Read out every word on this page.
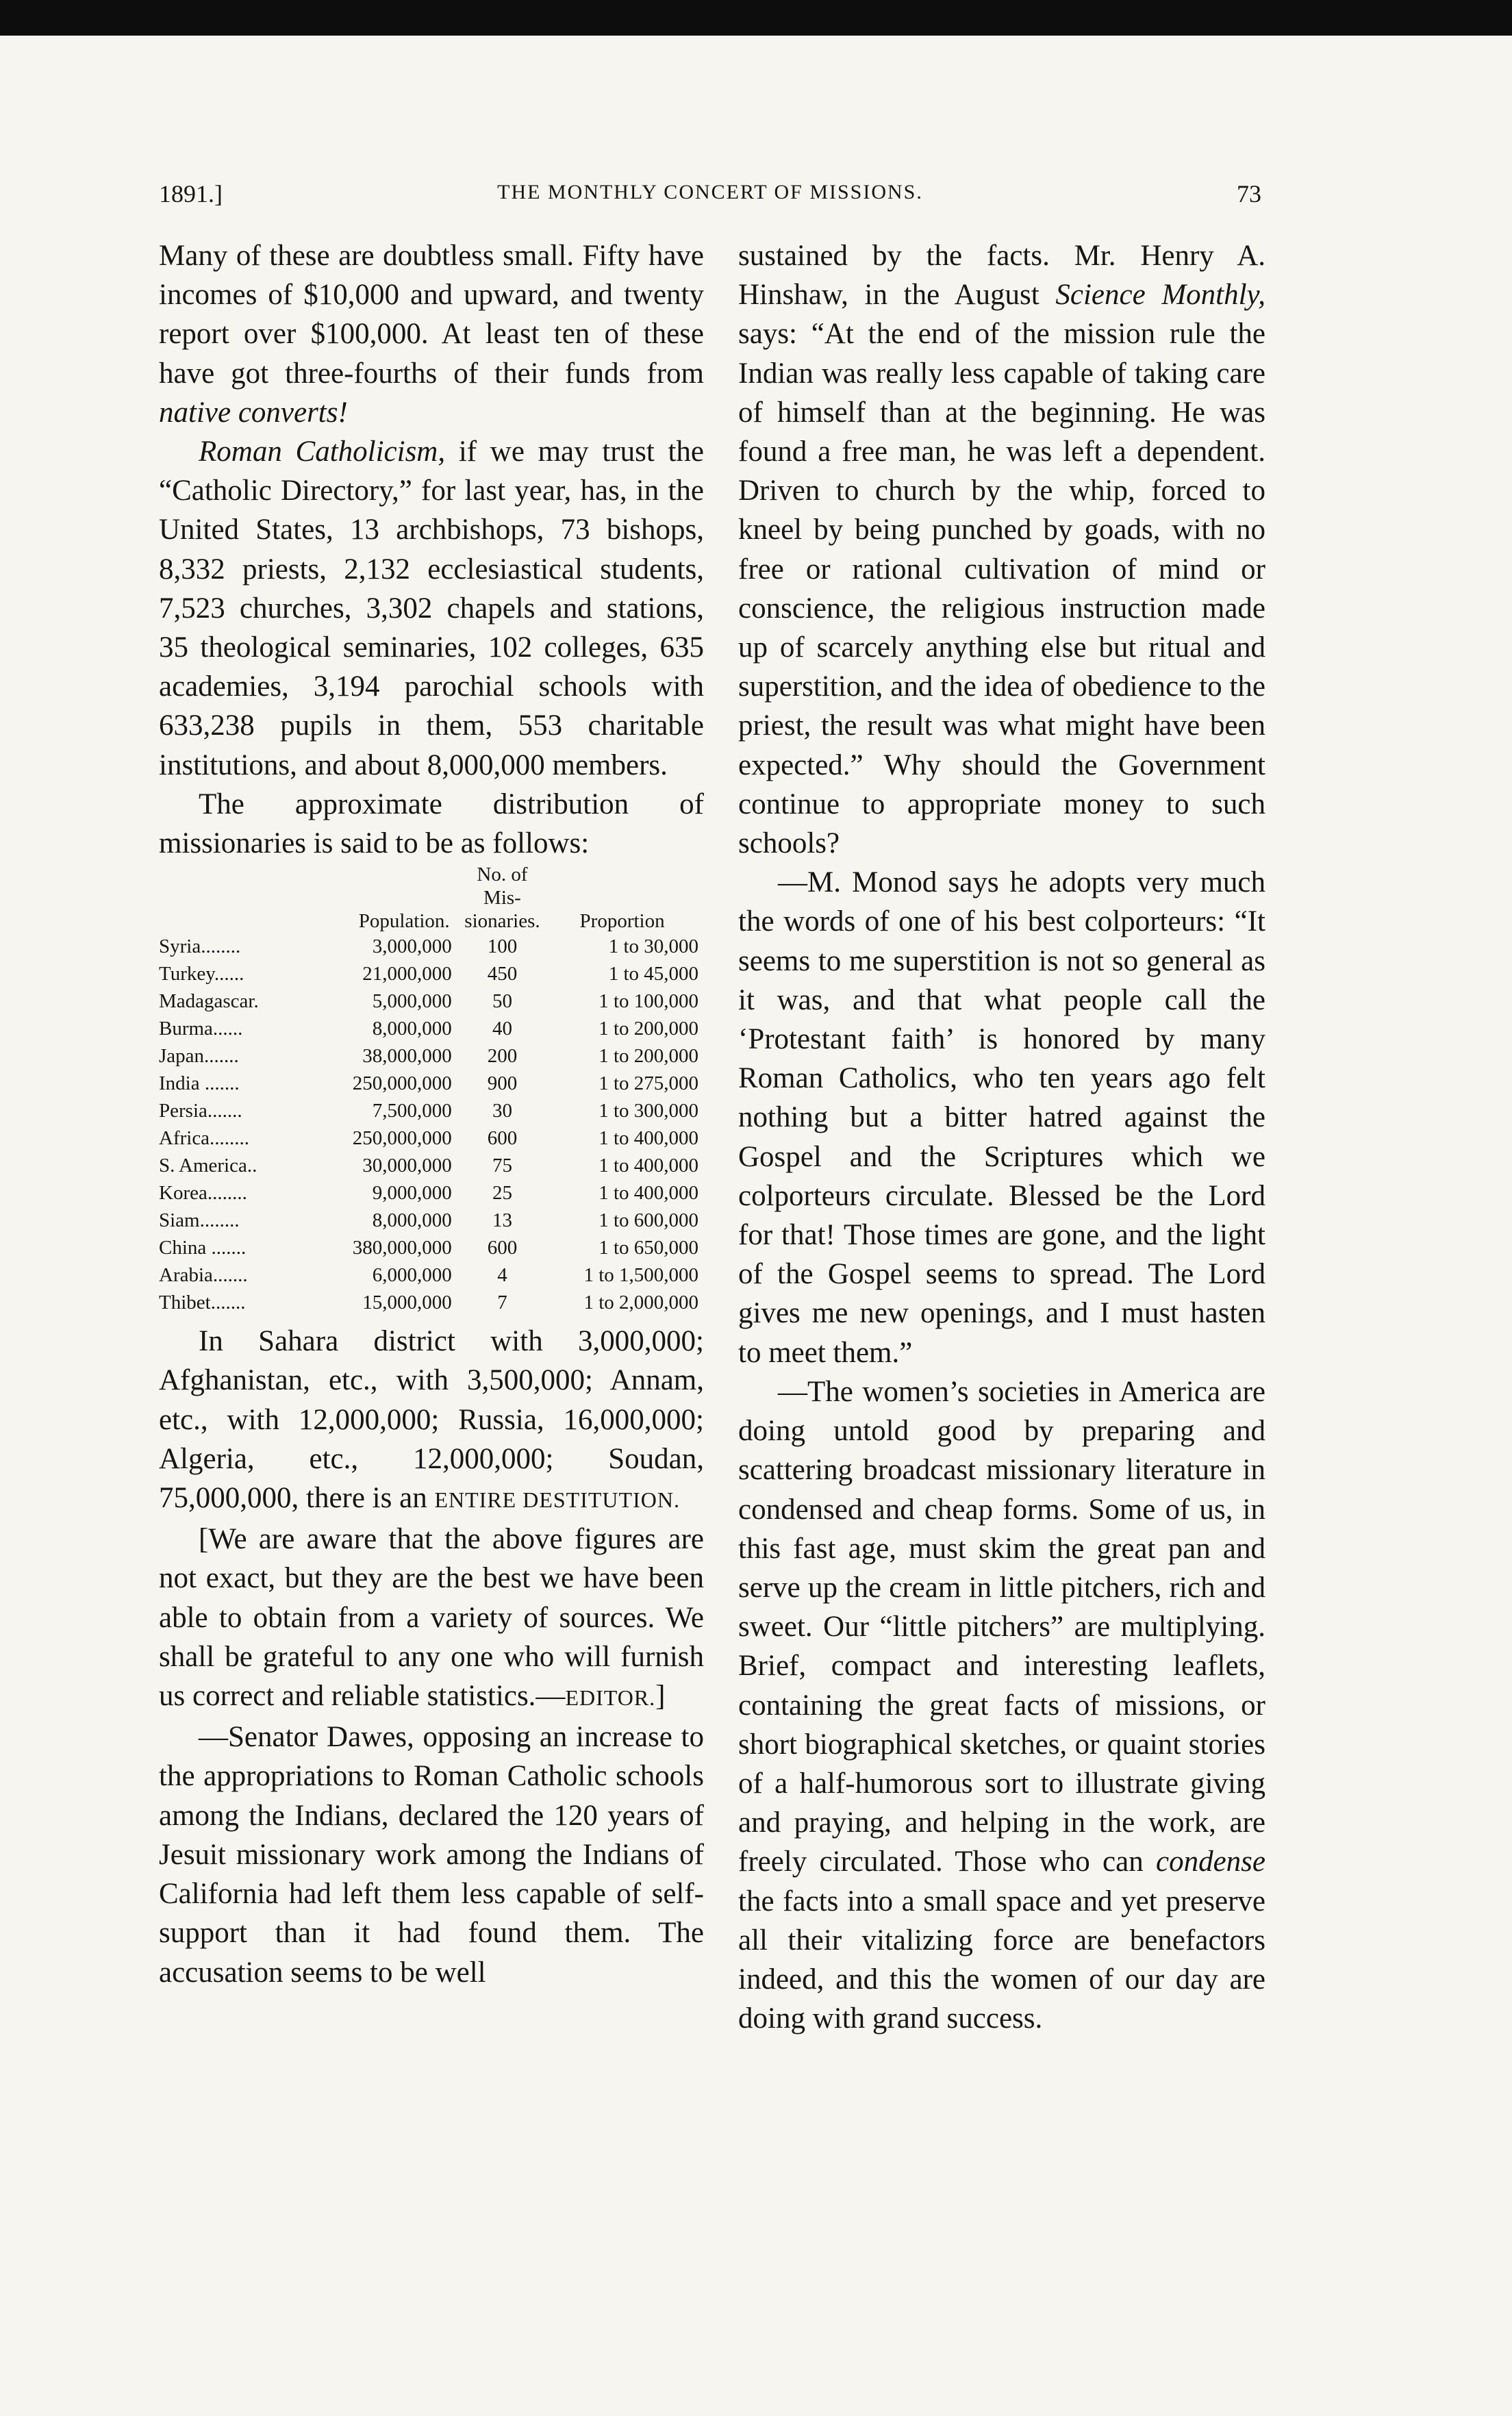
1891.]	THE MONTHLY CONCERT OF MISSIONS.	73

Many of these are doubtless small. Fifty have incomes of $10,000 and upward, and twenty report over $100,000. At least ten of these have got three-fourths of their funds from native converts!

Roman Catholicism, if we may trust the “Catholic Directory,” for last year, has, in the United States, 13 archbishops, 73 bishops, 8,332 priests, 2,132 ecclesiastical students, 7,523 churches, 3,302 chapels and stations, 35 theological seminaries, 102 colleges, 635 academies, 3,194 parochial schools with 633,238 pupils in them, 553 charitable institutions, and about 8,000,000 members.

The approximate distribution of missionaries is said to be as follows:

		No. of Mis-	
	Population.	sionaries.	Proportion
Syria........	3,000,000	100	1 to 30,000
Turkey......	21,000,000	450	1 to 45,000
Madagascar.	5,000,000	50	1 to 100,000
Burma......	8,000,000	40	1 to 200,000
Japan.......	38,000,000	200	1 to 200,000
India .......	250,000,000	900	1 to 275,000
Persia.......	7,500,000	30	1 to 300,000
Africa........	250,000,000	600	1 to 400,000
S. America..	30,000,000	75	1 to 400,000
Korea........	9,000,000	25	1 to 400,000
Siam........	8,000,000	13	1 to 600,000
China .......	380,000,000	600	1 to 650,000
Arabia.......	6,000,000	4	1 to 1,500,000
Thibet.......	15,000,000	7	1 to 2,000,000

In Sahara district with 3,000,000; Afghanistan, etc., with 3,500,000; Annam, etc., with 12,000,000; Russia, 16,000,000; Algeria, etc., 12,000,000; Soudan, 75,000,000, there is an ENTIRE DESTITUTION.

[We are aware that the above figures are not exact, but they are the best we have been able to obtain from a variety of sources. We shall be grateful to any one who will furnish us correct and reliable statistics.—EDITOR.]

—Senator Dawes, opposing an increase to the appropriations to Roman Catholic schools among the Indians, declared the 120 years of Jesuit missionary work among the Indians of California had left them less capable of self-support than it had found them. The accusation seems to be well

sustained by the facts. Mr. Henry A. Hinshaw, in the August Science Monthly, says: “At the end of the mission rule the Indian was really less capable of taking care of himself than at the beginning. He was found a free man, he was left a dependent. Driven to church by the whip, forced to kneel by being punched by goads, with no free or rational cultivation of mind or conscience, the religious instruction made up of scarcely anything else but ritual and superstition, and the idea of obedience to the priest, the result was what might have been expected.” Why should the Government continue to appropriate money to such schools?

—M. Monod says he adopts very much the words of one of his best colporteurs: “It seems to me superstition is not so general as it was, and that what people call the ‘Protestant faith’ is honored by many Roman Catholics, who ten years ago felt nothing but a bitter hatred against the Gospel and the Scriptures which we colporteurs circulate. Blessed be the Lord for that! Those times are gone, and the light of the Gospel seems to spread. The Lord gives me new openings, and I must hasten to meet them.”

—The women’s societies in America are doing untold good by preparing and scattering broadcast missionary literature in condensed and cheap forms. Some of us, in this fast age, must skim the great pan and serve up the cream in little pitchers, rich and sweet. Our “little pitchers” are multiplying. Brief, compact and interesting leaflets, containing the great facts of missions, or short biographical sketches, or quaint stories of a half-humorous sort to illustrate giving and praying, and helping in the work, are freely circulated. Those who can condense the facts into a small space and yet preserve all their vitalizing force are benefactors indeed, and this the women of our day are doing with grand success.
